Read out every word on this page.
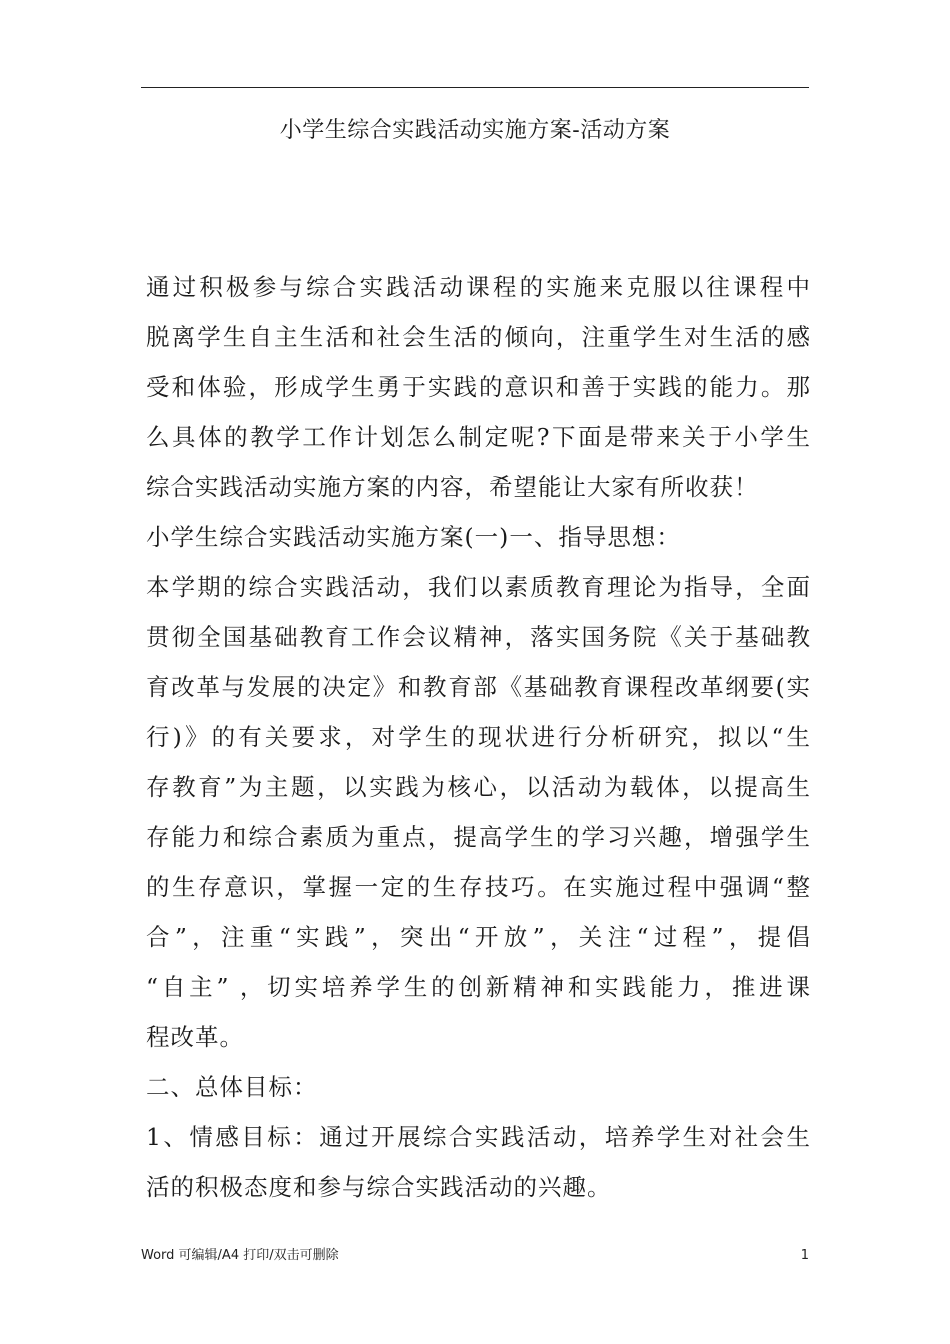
小学生综合实践活动实施方案-活动方案
通过积极参与综合实践活动课程的实施来克服以往课程中
脱离学生自主生活和社会生活的倾向，注重学生对生活的感
受和体验，形成学生勇于实践的意识和善于实践的能力。那
么具体的教学工作计划怎么制定呢?下面是带来关于小学生
综合实践活动实施方案的内容，希望能让大家有所收获！
小学生综合实践活动实施方案(一)一、指导思想：
本学期的综合实践活动，我们以素质教育理论为指导，全面
贯彻全国基础教育工作会议精神，落实国务院《关于基础教
育改革与发展的决定》和教育部《基础教育课程改革纲要(实
行)》的有关要求，对学生的现状进行分析研究，拟以“生
存教育”为主题，以实践为核心，以活动为载体，以提高生
存能力和综合素质为重点，提高学生的学习兴趣，增强学生
的生存意识，掌握一定的生存技巧。在实施过程中强调“整
合”，注重“实践”，突出“开放”，关注“过程”，提倡
“自主” ，切实培养学生的创新精神和实践能力，推进课
程改革。
二、总体目标：
1、情感目标：通过开展综合实践活动，培养学生对社会生
活的积极态度和参与综合实践活动的兴趣。
Word 可编辑/A4 打印/双击可删除	1
